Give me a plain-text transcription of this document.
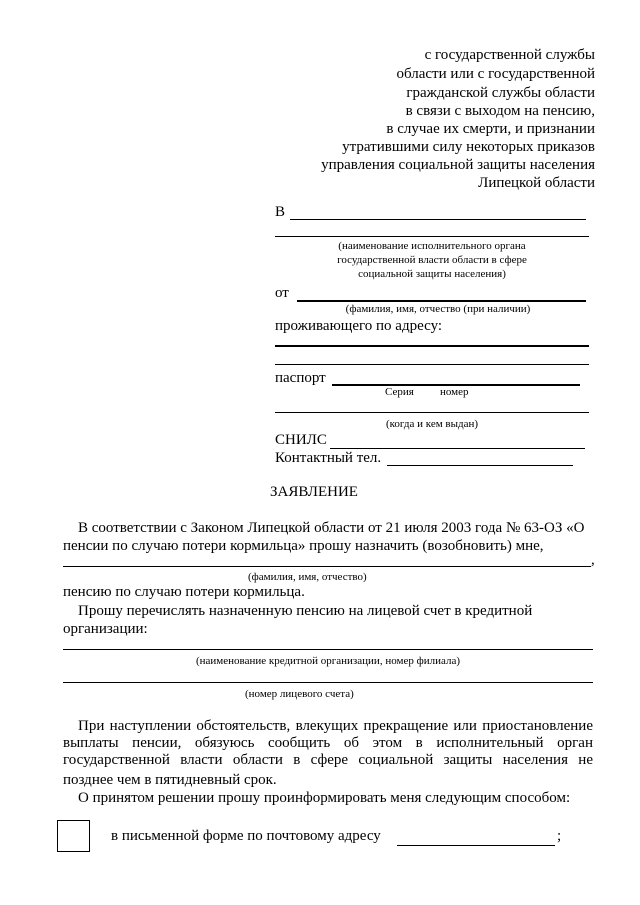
с государственной службы
области или с государственной
гражданской службы области
в связи с выходом на пенсию,
в случае их смерти, и признании
утратившими силу некоторых приказов
управления социальной защиты населения
Липецкой области
В
(наименование исполнительного органа
государственной власти области в сфере
социальной защиты населения)
от
(фамилия, имя, отчество (при наличии)
проживающего по адресу:
паспорт
Серия номер
(когда и кем выдан)
СНИЛС
Контактный тел.
ЗАЯВЛЕНИЕ
В соответствии с Законом Липецкой области от 21 июля 2003 года № 63-ОЗ «О
пенсии по случаю потери кормильца» прошу назначить (возобновить) мне,
,
(фамилия, имя, отчество)
пенсию по случаю потери кормильца.
Прошу перечислять назначенную пенсию на лицевой счет в кредитной
организации:
(наименование кредитной организации, номер филиала)
(номер лицевого счета)
При наступлении обстоятельств, влекущих прекращение или приостановление выплаты пенсии, обязуюсь сообщить об этом в исполнительный орган государственной власти области в сфере социальной защиты населения не
позднее чем в пятидневный срок.
О принятом решении прошу проинформировать меня следующим способом:
в письменной форме по почтовому адресу	;
